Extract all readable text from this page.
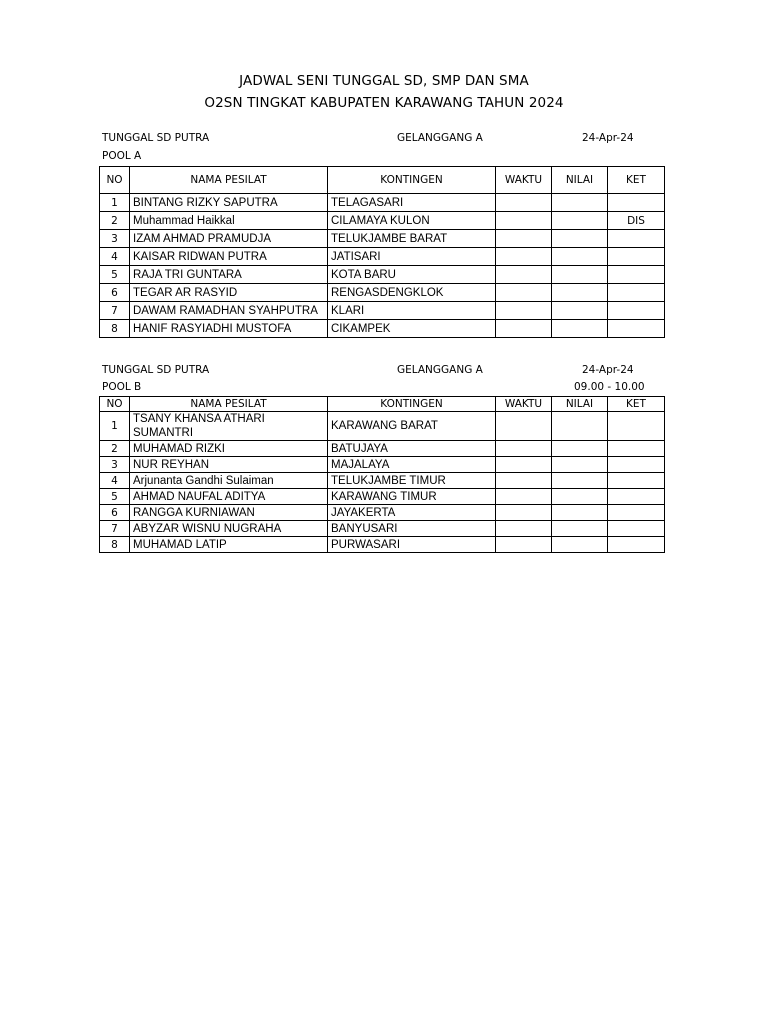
JADWAL SENI TUNGGAL SD, SMP DAN SMA
O2SN TINGKAT KABUPATEN KARAWANG TAHUN 2024
TUNGGAL SD PUTRA	GELANGGANG A	24-Apr-24
POOL A
NO	NAMA PESILAT	KONTINGEN	WAKTU	NILAI	KET
1	BINTANG RIZKY SAPUTRA	TELAGASARI			
2	Muhammad Haikkal	CILAMAYA KULON			DIS
3	IZAM AHMAD PRAMUDJA	TELUKJAMBE BARAT			
4	KAISAR RIDWAN PUTRA	JATISARI			
5	RAJA TRI GUNTARA	KOTA BARU			
6	TEGAR AR RASYID	RENGASDENGKLOK			
7	DAWAM RAMADHAN SYAHPUTRA	KLARI			
8	HANIF RASYIADHI MUSTOFA	CIKAMPEK			
TUNGGAL SD PUTRA	GELANGGANG A	24-Apr-24
POOL B	09.00 - 10.00
NO	NAMA PESILAT	KONTINGEN	WAKTU	NILAI	KET
1	TSANY KHANSA ATHARI SUMANTRI	KARAWANG BARAT			
2	MUHAMAD RIZKI	BATUJAYA			
3	NUR REYHAN	MAJALAYA			
4	Arjunanta Gandhi Sulaiman	TELUKJAMBE TIMUR			
5	AHMAD NAUFAL ADITYA	KARAWANG TIMUR			
6	RANGGA KURNIAWAN	JAYAKERTA			
7	ABYZAR WISNU NUGRAHA	BANYUSARI			
8	MUHAMAD LATIP	PURWASARI			
